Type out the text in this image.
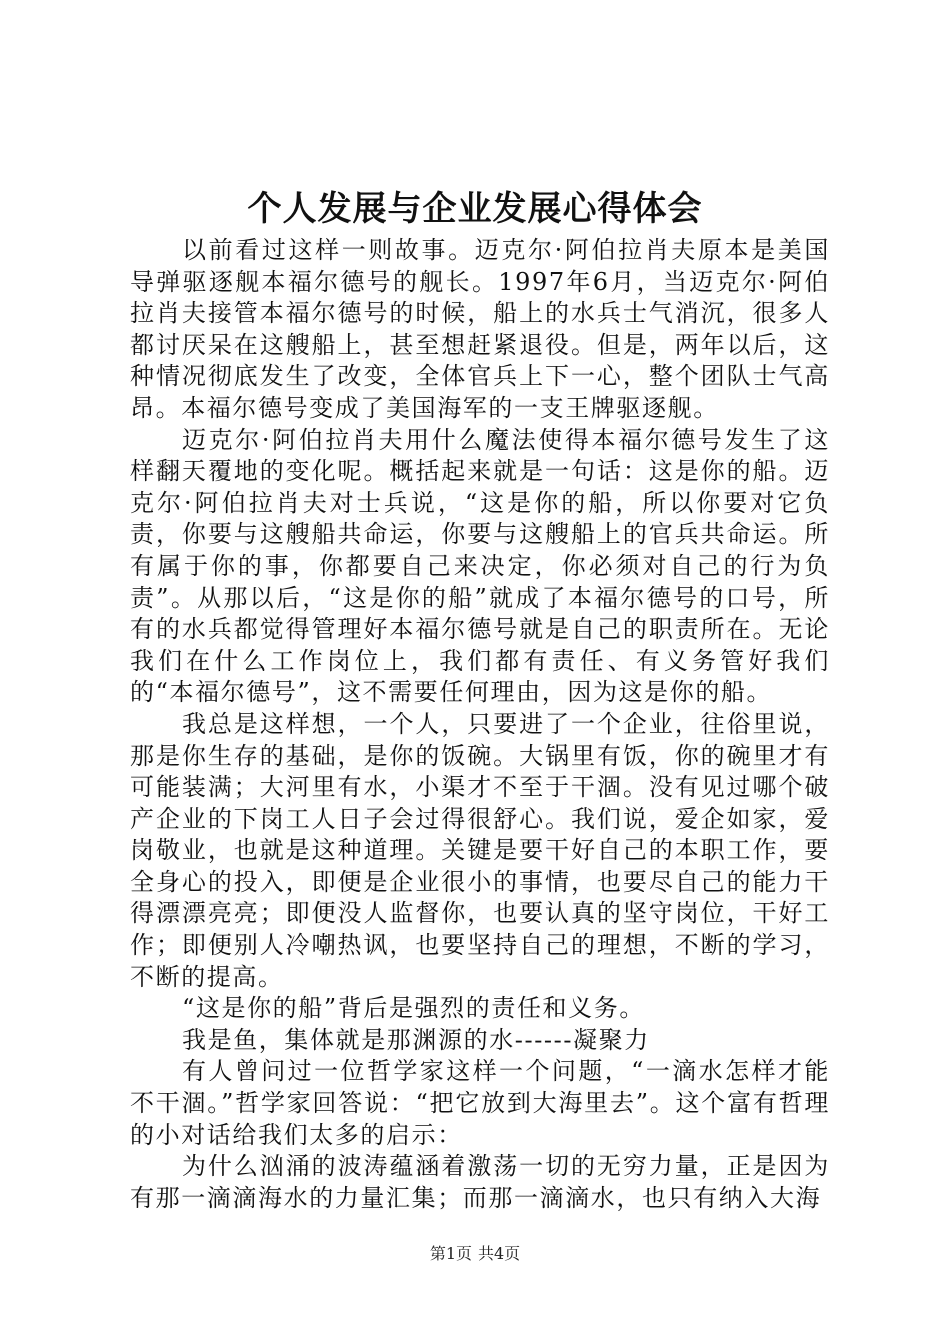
个人发展与企业发展心得体会

以前看过这样一则故事。迈克尔·阿伯拉肖夫原本是美国导弹驱逐舰本福尔德号的舰长。1997年6月，当迈克尔·阿伯拉肖夫接管本福尔德号的时候，船上的水兵士气消沉，很多人都讨厌呆在这艘船上，甚至想赶紧退役。但是，两年以后，这种情况彻底发生了改变，全体官兵上下一心，整个团队士气高昂。本福尔德号变成了美国海军的一支王牌驱逐舰。

迈克尔·阿伯拉肖夫用什么魔法使得本福尔德号发生了这样翻天覆地的变化呢。概括起来就是一句话：这是你的船。迈克尔·阿伯拉肖夫对士兵说，“这是你的船，所以你要对它负责，你要与这艘船共命运，你要与这艘船上的官兵共命运。所有属于你的事，你都要自己来决定，你必须对自己的行为负责”。从那以后，“这是你的船”就成了本福尔德号的口号，所有的水兵都觉得管理好本福尔德号就是自己的职责所在。无论我们在什么工作岗位上，我们都有责任、有义务管好我们的“本福尔德号”，这不需要任何理由，因为这是你的船。

我总是这样想，一个人，只要进了一个企业，往俗里说，那是你生存的基础，是你的饭碗。大锅里有饭，你的碗里才有可能装满；大河里有水，小渠才不至于干涸。没有见过哪个破产企业的下岗工人日子会过得很舒心。我们说，爱企如家，爱岗敬业，也就是这种道理。关键是要干好自己的本职工作，要全身心的投入，即便是企业很小的事情，也要尽自己的能力干得漂漂亮亮；即便没人监督你，也要认真的坚守岗位，干好工作；即便别人冷嘲热讽，也要坚持自己的理想，不断的学习，不断的提高。

“这是你的船”背后是强烈的责任和义务。

我是鱼，集体就是那渊源的水------凝聚力

有人曾问过一位哲学家这样一个问题，“一滴水怎样才能不干涸。”哲学家回答说：“把它放到大海里去”。这个富有哲理的小对话给我们太多的启示：

为什么汹涌的波涛蕴涵着激荡一切的无穷力量，正是因为有那一滴滴海水的力量汇集；而那一滴滴水，也只有纳入大海

第1页 共4页
